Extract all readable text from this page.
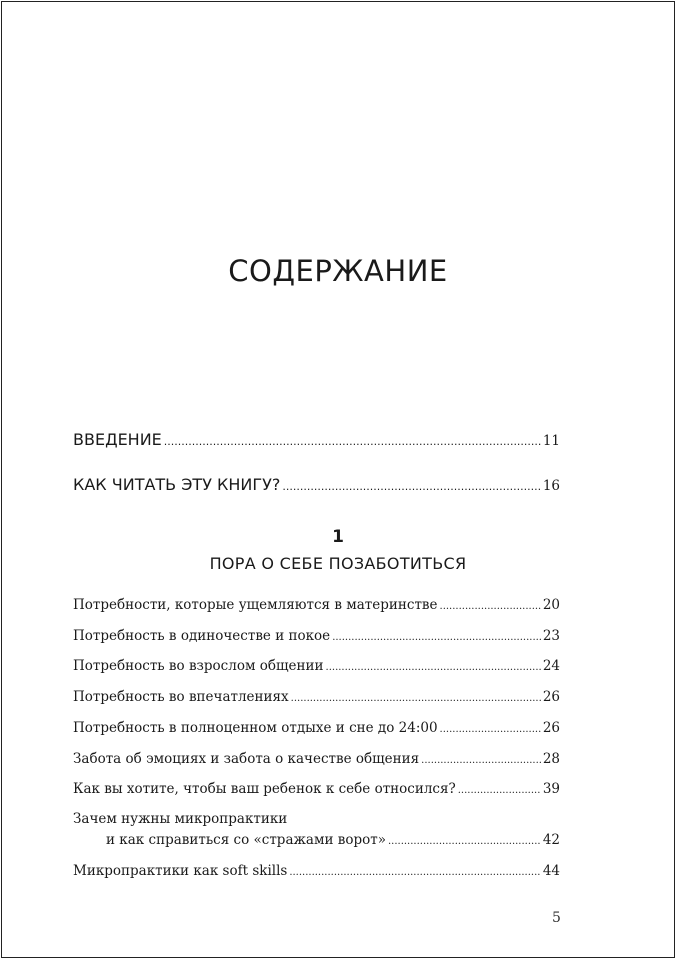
СОДЕРЖАНИЕ
ВВЕДЕНИЕ .....	11
КАК ЧИТАТЬ ЭТУ КНИГУ? .....	16
1
ПОРА О СЕБЕ ПОЗАБОТИТЬСЯ
Потребности, которые ущемляются в материнстве .....	20
Потребность в одиночестве и покое .....	23
Потребность во взрослом общении .....	24
Потребность во впечатлениях .....	26
Потребность в полноценном отдыхе и сне до 24:00 .....	26
Забота об эмоциях и забота о качестве общения .....	28
Как вы хотите, чтобы ваш ребенок к себе относился? .....	39
Зачем нужны микропрактики
и как справиться со «стражами ворот» .....	42
Микропрактики как soft skills .....	44
5
